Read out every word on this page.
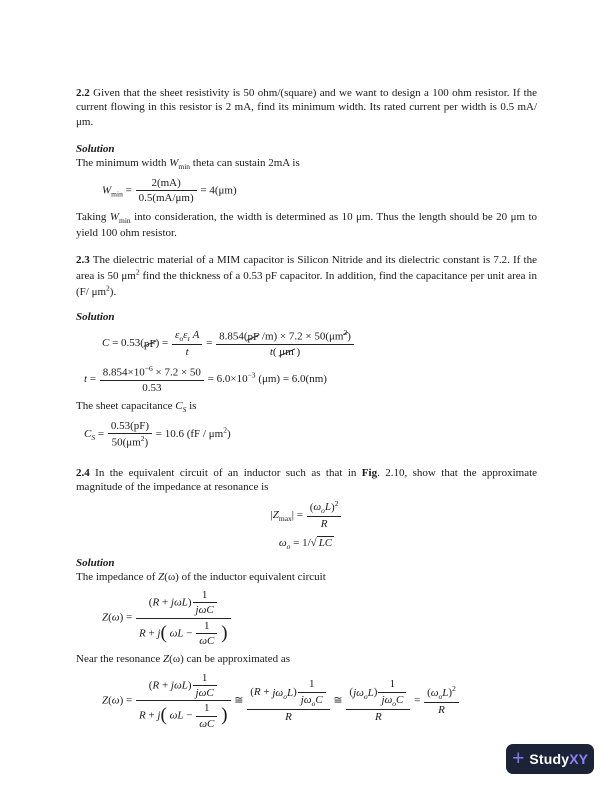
2.2 Given that the sheet resistivity is 50 ohm/(square) and we want to design a 100 ohm resistor. If the current flowing in this resistor is 2 mA, find its minimum width. Its rated current per width is 0.5 mA/μm.

Solution

The minimum width $W_{min}$ theta can sustain 2mA is

$W_{min} = \frac{2(mA)}{0.5(mA/\mu m)} = 4(\mu m)$

Taking $W_{min}$ into consideration, the width is determined as 10 μm. Thus the length should be 20 μm to yield 100 ohm resistor.

2.3 The dielectric material of a MIM capacitor is Silicon Nitride and its dielectric constant is 7.2. If the area is 50 $\mu m^2$ find the thickness of a 0.53 pF capacitor. In addition, find the capacitance per unit area in (F/ $\mu m^2$).

Solution

C = 0.53(pF) =
$\varepsilon_o\varepsilon_r$ A
t
= $\frac{8.854(pF /m) \times 7.2 \times 50(\mu m^2)}{t( \mu m )}$
$t = \frac{8.854\times 10^{-6} \times 7.2 \times 50}{0.53} = 6.0\times 10^{-3}$ (μm) = 6.0(nm)

The sheet capacitance $C_S$ is

$C_S = \frac{0.53(pF)}{50(\mu m^2)} = 10.6$ $(fF / \mu m^2)$

2.4 In the equivalent circuit of an inductor such as that in Fig. 2.10, show that the approximate magnitude of the impedance at resonance is

$|Z_{max}|$ =
$(\omega_oL)^2$
R
$\omega_o = 1/√$ LC

Solution

The impedance of Z(ω) of the inductor equivalent circuit

Z(ω) =
(R + jωL)
1
jωC
R + j( $\omega L - \frac{1}{\omega C}$ )

Near the resonance Z(ω) can be approximated as

Z(ω) =
(R + jωL)
1
jωC
R + j( $\omega L - \frac{1}{\omega C}$ )
≅
$(R + j\omega_oL)$
1
$j\omega_oC$
R
≅
$(j\omega_oL)$
1
$j\omega_oC$
R
=
$(\omega_oL)^2$
R
+ Study XY
